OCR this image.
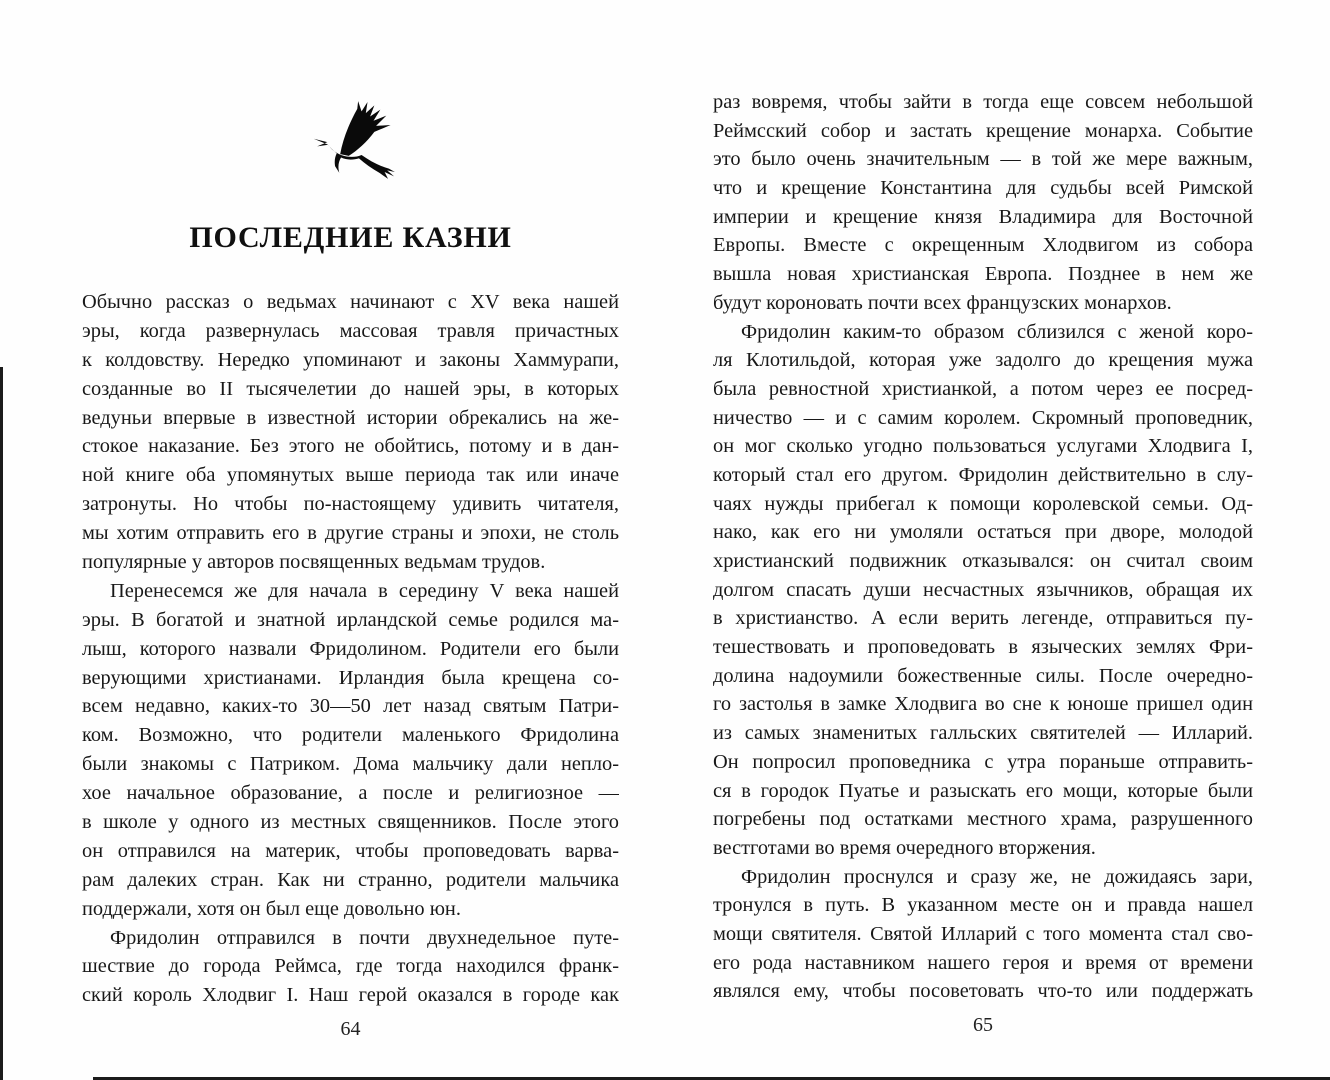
ПОСЛЕДНИЕ КАЗНИ
Обычно рассказ о ведьмах начинают с XV века нашей
эры, когда развернулась массовая травля причастных
к колдовству. Нередко упоминают и законы Хаммурапи,
созданные во II тысячелетии до нашей эры, в которых
ведуньи впервые в известной истории обрекались на же-
стокое наказание. Без этого не обойтись, потому и в дан-
ной книге оба упомянутых выше периода так или иначе
затронуты. Но чтобы по-настоящему удивить читателя,
мы хотим отправить его в другие страны и эпохи, не столь
популярные у авторов посвященных ведьмам трудов.
Перенесемся же для начала в середину V века нашей
эры. В богатой и знатной ирландской семье родился ма-
лыш, которого назвали Фридолином. Родители его были
верующими христианами. Ирландия была крещена со-
всем недавно, каких-то 30—50 лет назад святым Патри-
ком. Возможно, что родители маленького Фридолина
были знакомы с Патриком. Дома мальчику дали непло-
хое начальное образование, а после и религиозное —
в школе у одного из местных священников. После этого
он отправился на материк, чтобы проповедовать варва-
рам далеких стран. Как ни странно, родители мальчика
поддержали, хотя он был еще довольно юн.
Фридолин отправился в почти двухнедельное путе-
шествие до города Реймса, где тогда находился франк-
ский король Хлодвиг I. Наш герой оказался в городе как
64
раз вовремя, чтобы зайти в тогда еще совсем небольшой
Реймсский собор и застать крещение монарха. Событие
это было очень значительным — в той же мере важным,
что и крещение Константина для судьбы всей Римской
империи и крещение князя Владимира для Восточной
Европы. Вместе с окрещенным Хлодвигом из собора
вышла новая христианская Европа. Позднее в нем же
будут короновать почти всех французских монархов.
Фридолин каким-то образом сблизился с женой коро-
ля Клотильдой, которая уже задолго до крещения мужа
была ревностной христианкой, а потом через ее посред-
ничество — и с самим королем. Скромный проповедник,
он мог сколько угодно пользоваться услугами Хлодвига I,
который стал его другом. Фридолин действительно в слу-
чаях нужды прибегал к помощи королевской семьи. Од-
нако, как его ни умоляли остаться при дворе, молодой
христианский подвижник отказывался: он считал своим
долгом спасать души несчастных язычников, обращая их
в христианство. А если верить легенде, отправиться пу-
тешествовать и проповедовать в языческих землях Фри-
долина надоумили божественные силы. После очередно-
го застолья в замке Хлодвига во сне к юноше пришел один
из самых знаменитых галльских святителей — Илларий.
Он попросил проповедника с утра пораньше отправить-
ся в городок Пуатье и разыскать его мощи, которые были
погребены под остатками местного храма, разрушенного
вестготами во время очередного вторжения.
Фридолин проснулся и сразу же, не дожидаясь зари,
тронулся в путь. В указанном месте он и правда нашел
мощи святителя. Святой Илларий с того момента стал сво-
его рода наставником нашего героя и время от времени
являлся ему, чтобы посоветовать что-то или поддержать
65
